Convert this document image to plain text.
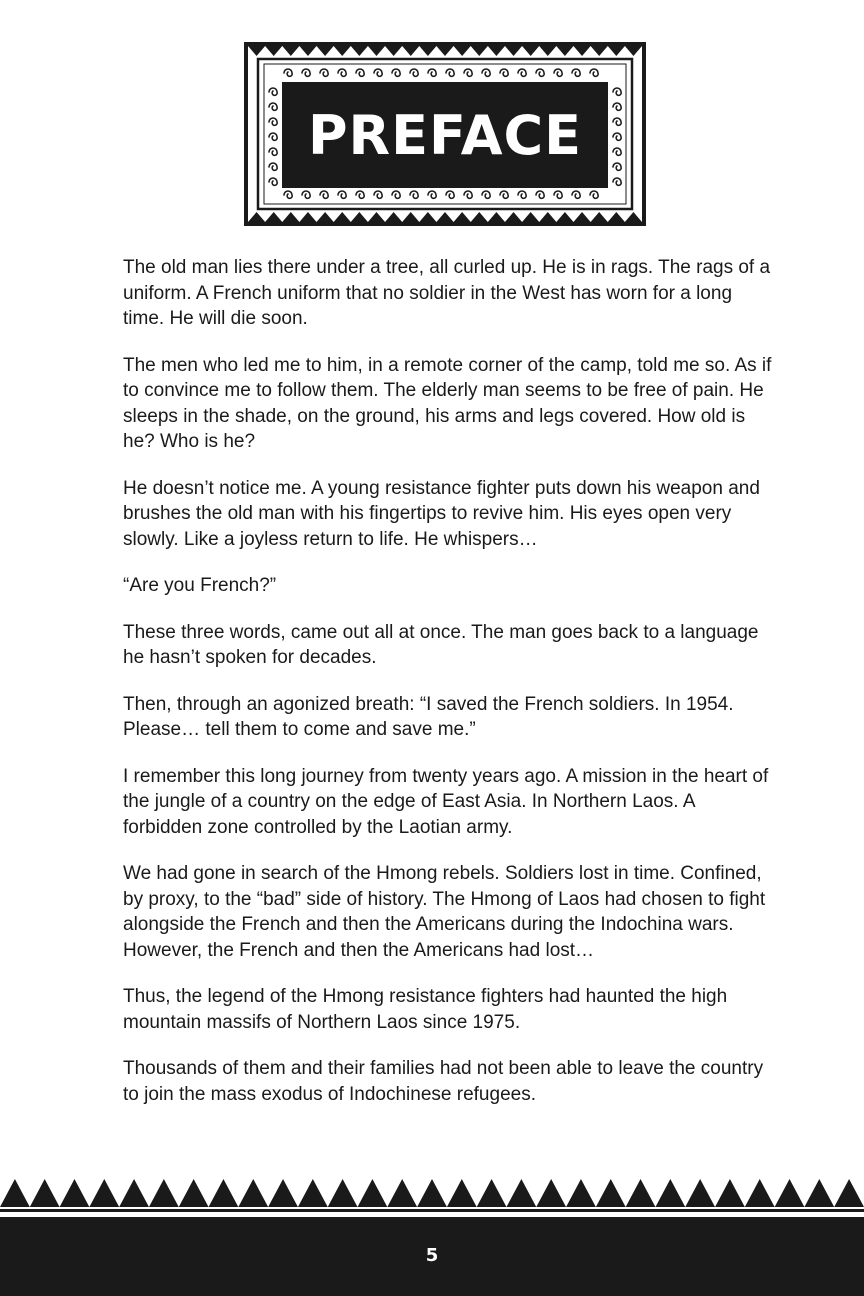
PREFACE

The old man lies there under a tree, all curled up. He is in rags. The rags of a uniform. A French uniform that no soldier in the West has worn for a long time. He will die soon.

The men who led me to him, in a remote corner of the camp, told me so. As if to convince me to follow them. The elderly man seems to be free of pain. He sleeps in the shade, on the ground, his arms and legs covered. How old is he? Who is he?

He doesn’t notice me. A young resistance fighter puts down his weapon and brushes the old man with his fingertips to revive him. His eyes open very slowly. Like a joyless return to life. He whispers…

“Are you French?”

These three words, came out all at once. The man goes back to a language he hasn’t spoken for decades.

Then, through an agonized breath: “I saved the French soldiers. In 1954. Please… tell them to come and save me.”

I remember this long journey from twenty years ago. A mission in the heart of the jungle of a country on the edge of East Asia. In Northern Laos. A forbidden zone controlled by the Laotian army.

We had gone in search of the Hmong rebels. Soldiers lost in time. Confined, by proxy, to the “bad” side of history. The Hmong of Laos had chosen to fight alongside the French and then the Americans during the Indochina wars. However, the French and then the Americans had lost…

Thus, the legend of the Hmong resistance fighters had haunted the high mountain massifs of Northern Laos since 1975.

Thousands of them and their families had not been able to leave the country to join the mass exodus of Indochinese refugees.

5
